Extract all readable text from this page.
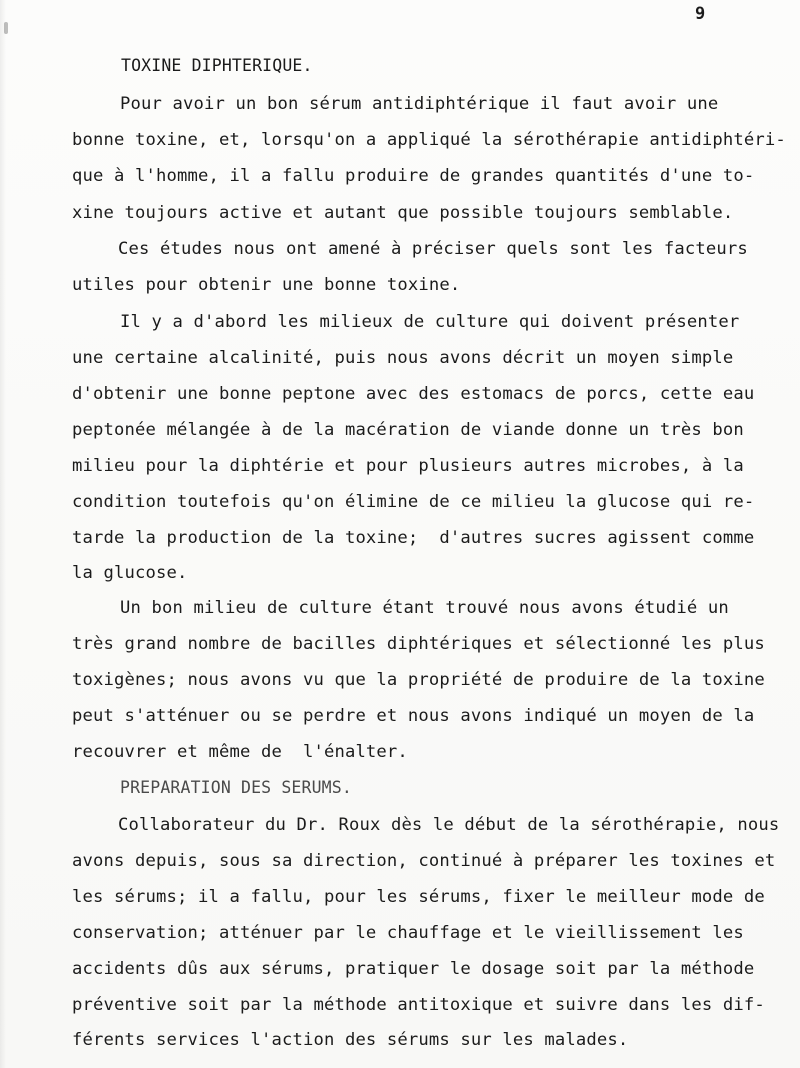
9
TOXINE DIPHTERIQUE.
Pour avoir un bon sérum antidiphtérique il faut avoir une
bonne toxine, et, lorsqu'on a appliqué la sérothérapie antidiphtéri-
que à l'homme, il a fallu produire de grandes quantités d'une to-
xine toujours active et autant que possible toujours semblable.
Ces études nous ont amené à préciser quels sont les facteurs
utiles pour obtenir une bonne toxine.
Il y a d'abord les milieux de culture qui doivent présenter
une certaine alcalinité, puis nous avons décrit un moyen simple
d'obtenir une bonne peptone avec des estomacs de porcs, cette eau
peptonée mélangée à de la macération de viande donne un très bon
milieu pour la diphtérie et pour plusieurs autres microbes, à la
condition toutefois qu'on élimine de ce milieu la glucose qui re-
tarde la production de la toxine;  d'autres sucres agissent comme
la glucose.
Un bon milieu de culture étant trouvé nous avons étudié un
très grand nombre de bacilles diphtériques et sélectionné les plus
toxigènes; nous avons vu que la propriété de produire de la toxine
peut s'atténuer ou se perdre et nous avons indiqué un moyen de la
recouvrer et même de  l'énalter.
PREPARATION DES SERUMS.
Collaborateur du Dr. Roux dès le début de la sérothérapie, nous
avons depuis, sous sa direction, continué à préparer les toxines et
les sérums; il a fallu, pour les sérums, fixer le meilleur mode de
conservation; atténuer par le chauffage et le vieillissement les
accidents dûs aux sérums, pratiquer le dosage soit par la méthode
préventive soit par la méthode antitoxique et suivre dans les dif-
férents services l'action des sérums sur les malades.
